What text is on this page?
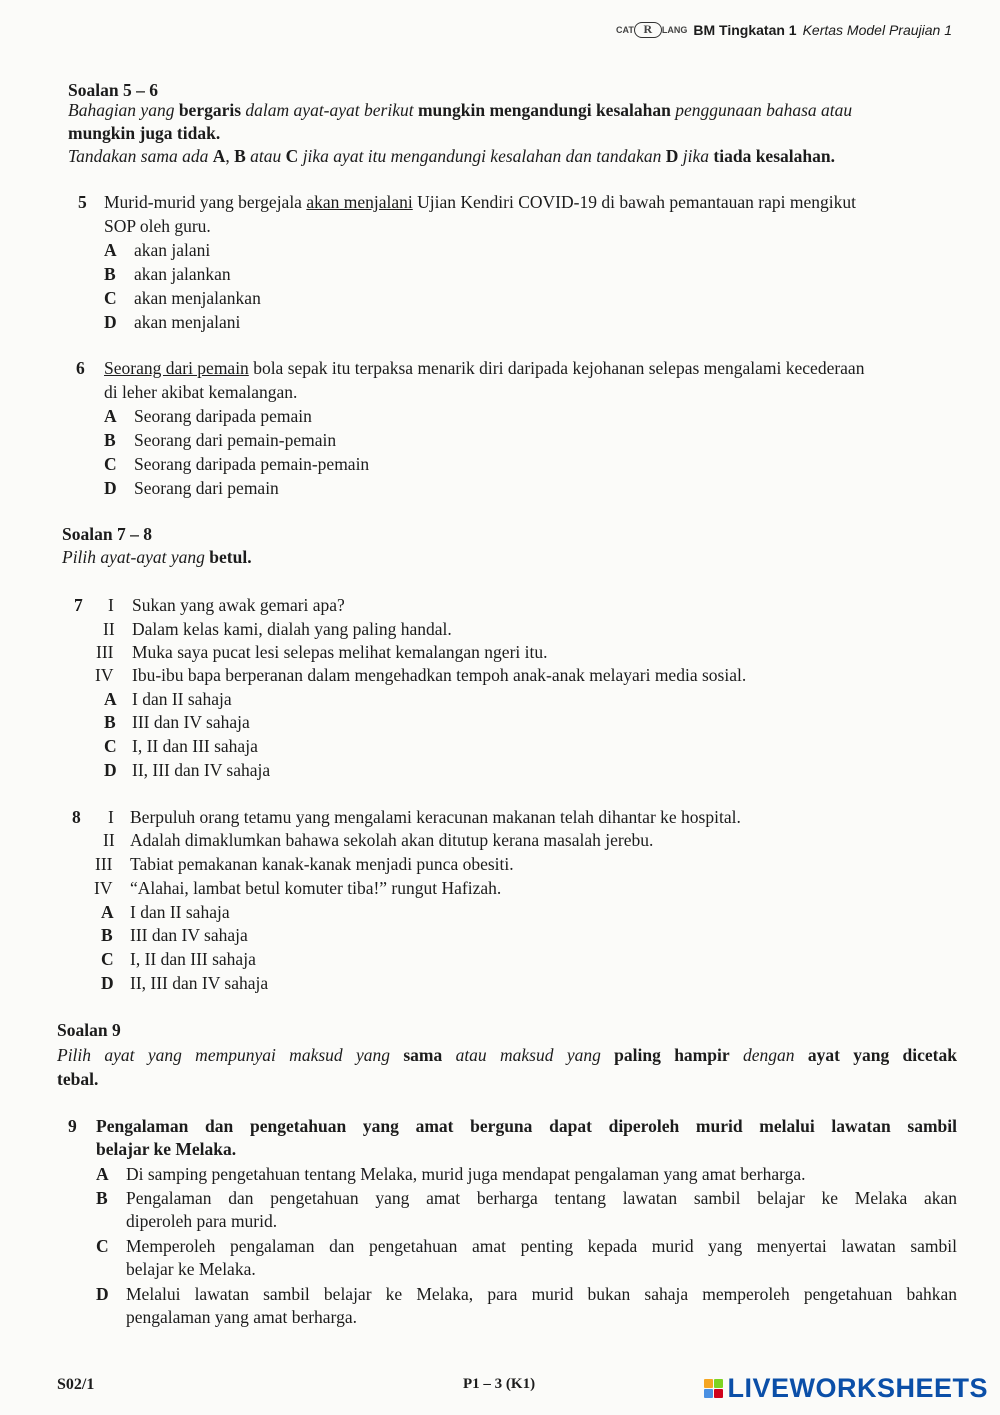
CAT R	LANG BM Tingkatan 1 Kertas Model Praujian 1
Soalan 5 – 6
Bahagian yang bergaris dalam ayat-ayat berikut mungkin mengandungi kesalahan penggunaan bahasa atau
mungkin juga tidak.
Tandakan sama ada A, B atau C jika ayat itu mengandungi kesalahan dan tandakan D jika tiada kesalahan.
5 Murid-murid yang bergejala akan menjalani Ujian Kendiri COVID-19 di bawah pemantauan rapi mengikut
SOP oleh guru.
A akan jalani
B akan jalankan
C akan menjalankan
D akan menjalani
6 Seorang dari pemain bola sepak itu terpaksa menarik diri daripada kejohanan selepas mengalami kecederaan
di leher akibat kemalangan.
A Seorang daripada pemain
B Seorang dari pemain-pemain
C Seorang daripada pemain-pemain
D Seorang dari pemain
Soalan 7 – 8
Pilih ayat-ayat yang betul.
7 I Sukan yang awak gemari apa?
II Dalam kelas kami, dialah yang paling handal.
III Muka saya pucat lesi selepas melihat kemalangan ngeri itu.
IV Ibu-ibu bapa berperanan dalam mengehadkan tempoh anak-anak melayari media sosial.
A I dan II sahaja
B III dan IV sahaja
C I, II dan III sahaja
D II, III dan IV sahaja
8 I Berpuluh orang tetamu yang mengalami keracunan makanan telah dihantar ke hospital.
II Adalah dimaklumkan bahawa sekolah akan ditutup kerana masalah jerebu.
III Tabiat pemakanan kanak-kanak menjadi punca obesiti.
IV “Alahai, lambat betul komuter tiba!” rungut Hafizah.
A I dan II sahaja
B III dan IV sahaja
C I, II dan III sahaja
D II, III dan IV sahaja
Soalan 9
Pilih ayat yang mempunyai maksud yang sama atau maksud yang paling hampir dengan ayat yang dicetak
tebal.
9 Pengalaman dan pengetahuan yang amat berguna dapat diperoleh murid melalui lawatan sambil
belajar ke Melaka.
A Di samping pengetahuan tentang Melaka, murid juga mendapat pengalaman yang amat berharga.
B Pengalaman dan pengetahuan yang amat berharga tentang lawatan sambil belajar ke Melaka akan
diperoleh para murid.
C Memperoleh pengalaman dan pengetahuan amat penting kepada murid yang menyertai lawatan sambil
belajar ke Melaka.
D Melalui lawatan sambil belajar ke Melaka, para murid bukan sahaja memperoleh pengetahuan bahkan
pengalaman yang amat berharga.
S02/1	P1 – 3 (K1)	LIVEWORKSHEETS
